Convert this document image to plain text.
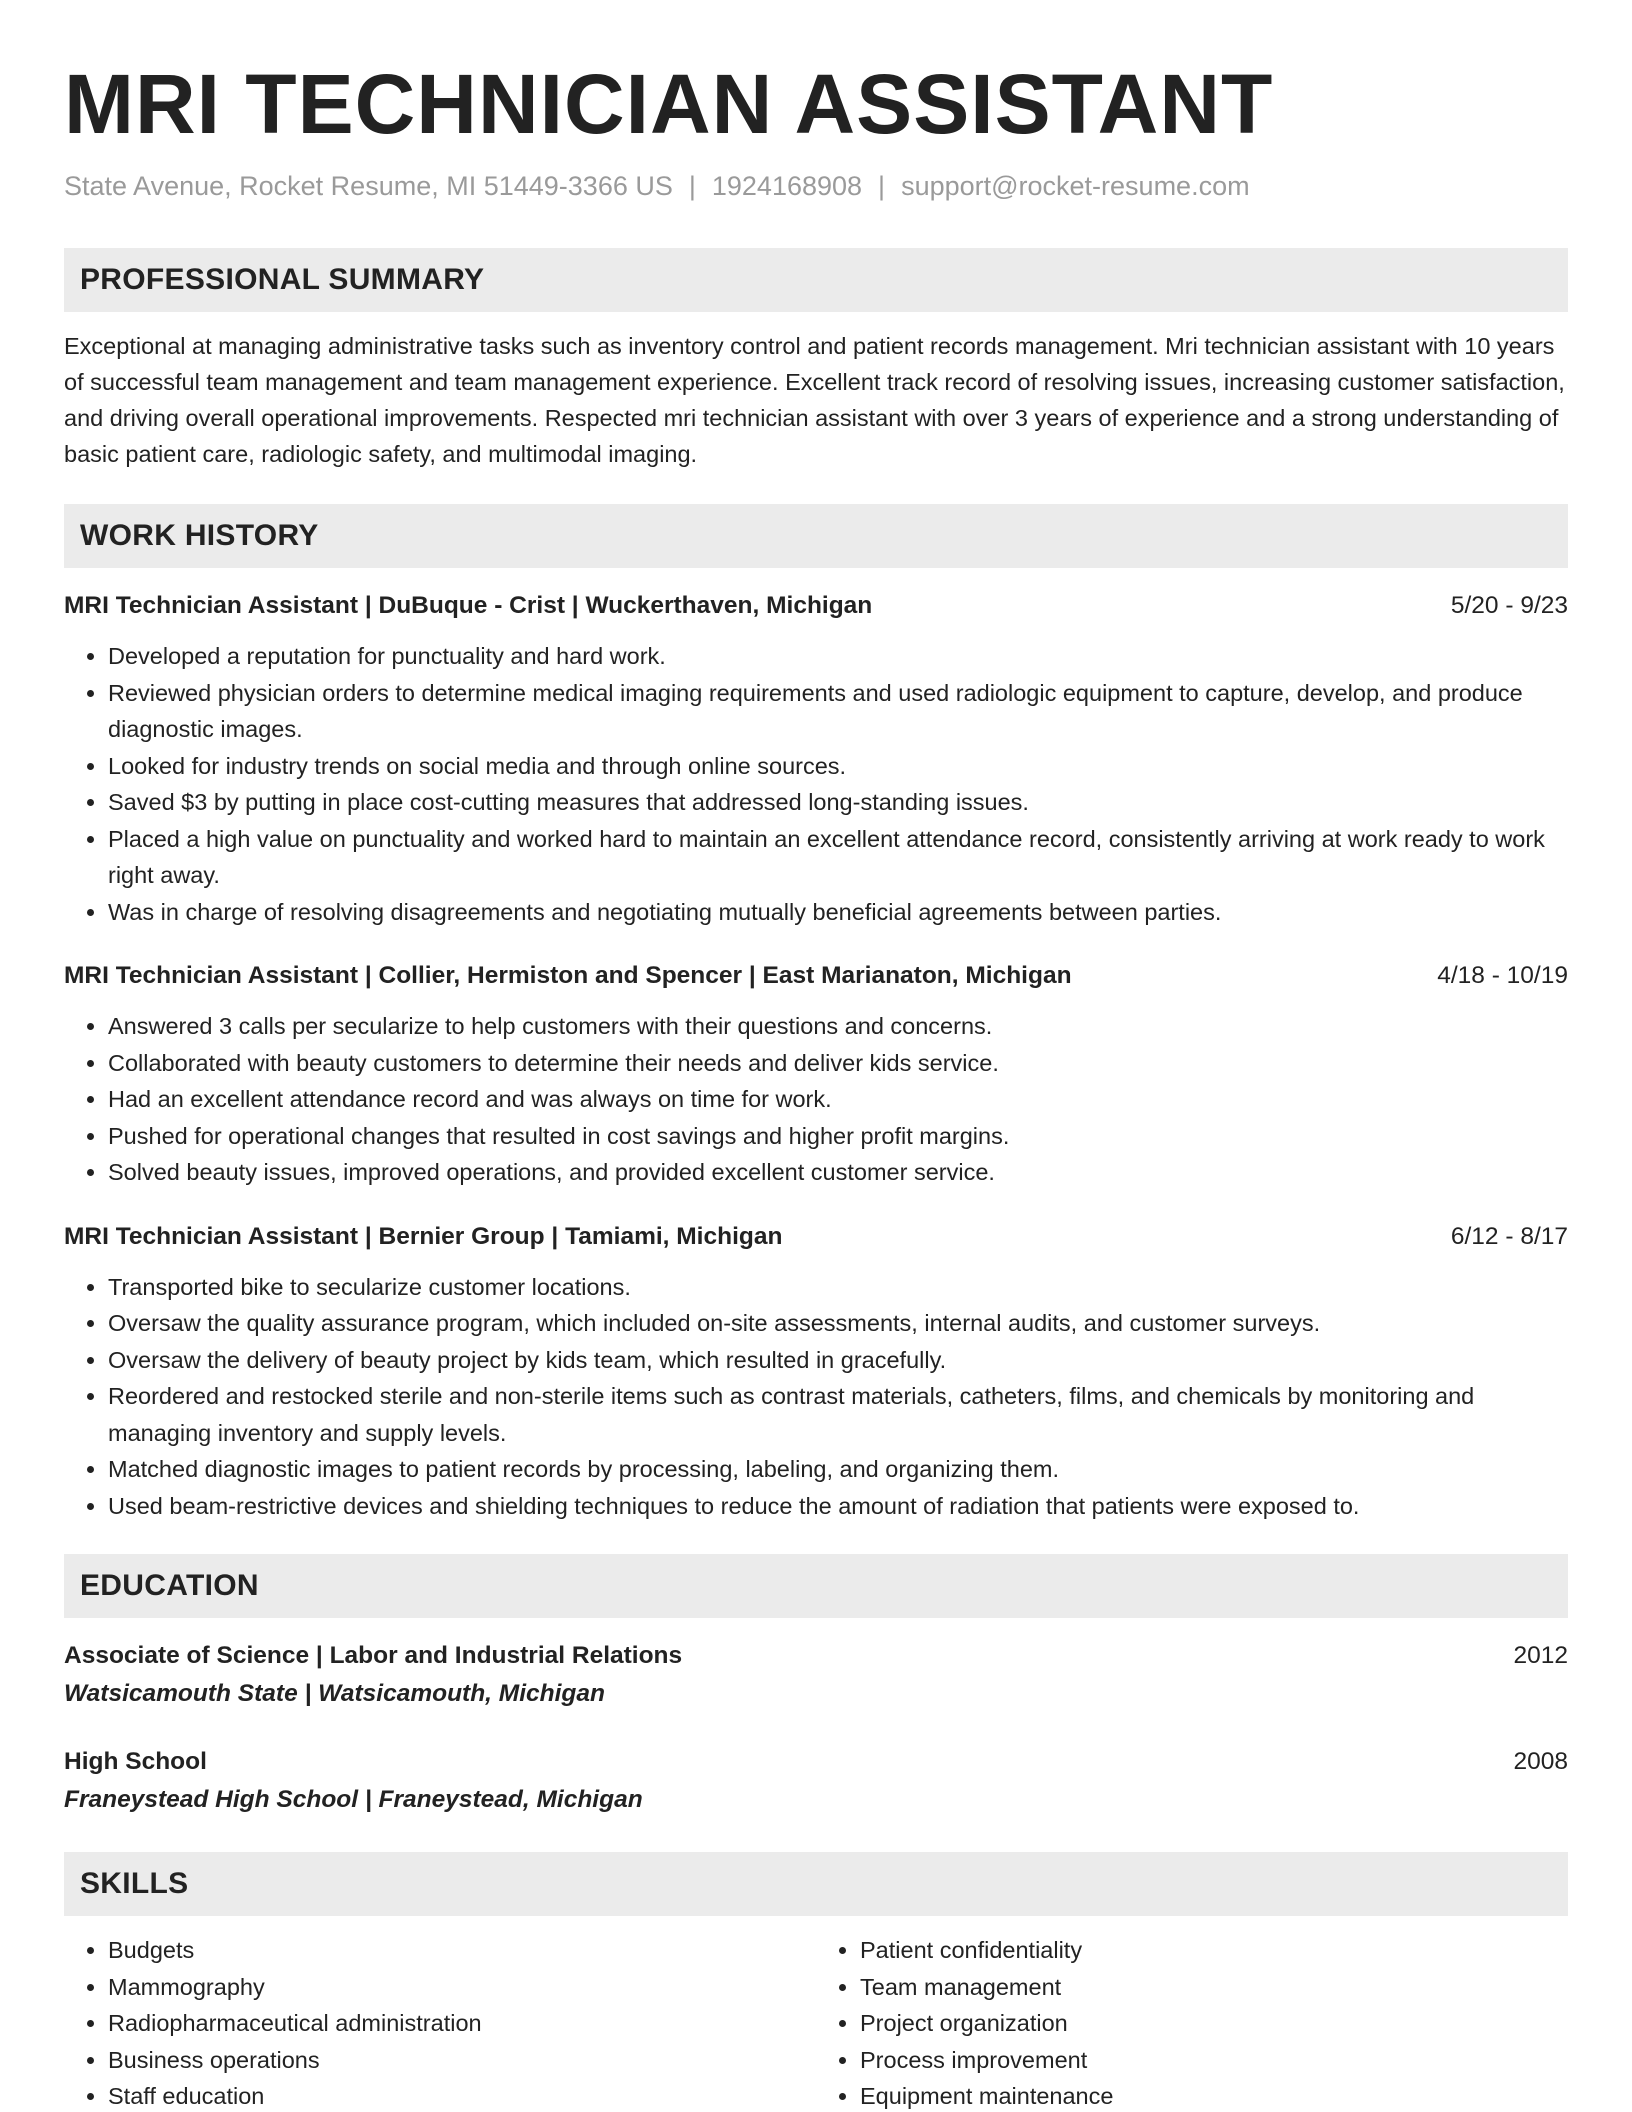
MRI TECHNICIAN ASSISTANT
State Avenue, Rocket Resume, MI 51449-3366 US | 1924168908 | support@rocket-resume.com
PROFESSIONAL SUMMARY
Exceptional at managing administrative tasks such as inventory control and patient records management. Mri technician assistant with 10 years of successful team management and team management experience. Excellent track record of resolving issues, increasing customer satisfaction, and driving overall operational improvements. Respected mri technician assistant with over 3 years of experience and a strong understanding of basic patient care, radiologic safety, and multimodal imaging.
WORK HISTORY
MRI Technician Assistant | DuBuque - Crist | Wuckerthaven, Michigan	5/20 - 9/23
• Developed a reputation for punctuality and hard work.
• Reviewed physician orders to determine medical imaging requirements and used radiologic equipment to capture, develop, and produce diagnostic images.
• Looked for industry trends on social media and through online sources.
• Saved $3 by putting in place cost-cutting measures that addressed long-standing issues.
• Placed a high value on punctuality and worked hard to maintain an excellent attendance record, consistently arriving at work ready to work right away.
• Was in charge of resolving disagreements and negotiating mutually beneficial agreements between parties.
MRI Technician Assistant | Collier, Hermiston and Spencer | East Marianaton, Michigan	4/18 - 10/19
• Answered 3 calls per secularize to help customers with their questions and concerns.
• Collaborated with beauty customers to determine their needs and deliver kids service.
• Had an excellent attendance record and was always on time for work.
• Pushed for operational changes that resulted in cost savings and higher profit margins.
• Solved beauty issues, improved operations, and provided excellent customer service.
MRI Technician Assistant | Bernier Group | Tamiami, Michigan	6/12 - 8/17
• Transported bike to secularize customer locations.
• Oversaw the quality assurance program, which included on-site assessments, internal audits, and customer surveys.
• Oversaw the delivery of beauty project by kids team, which resulted in gracefully.
• Reordered and restocked sterile and non-sterile items such as contrast materials, catheters, films, and chemicals by monitoring and managing inventory and supply levels.
• Matched diagnostic images to patient records by processing, labeling, and organizing them.
• Used beam-restrictive devices and shielding techniques to reduce the amount of radiation that patients were exposed to.
EDUCATION
Associate of Science | Labor and Industrial Relations	2012
Watsicamouth State | Watsicamouth, Michigan
High School	2008
Franeystead High School | Franeystead, Michigan
SKILLS
• Budgets
• Mammography
• Radiopharmaceutical administration
• Business operations
• Staff education
• Patient confidentiality
• Team management
• Project organization
• Process improvement
• Equipment maintenance
